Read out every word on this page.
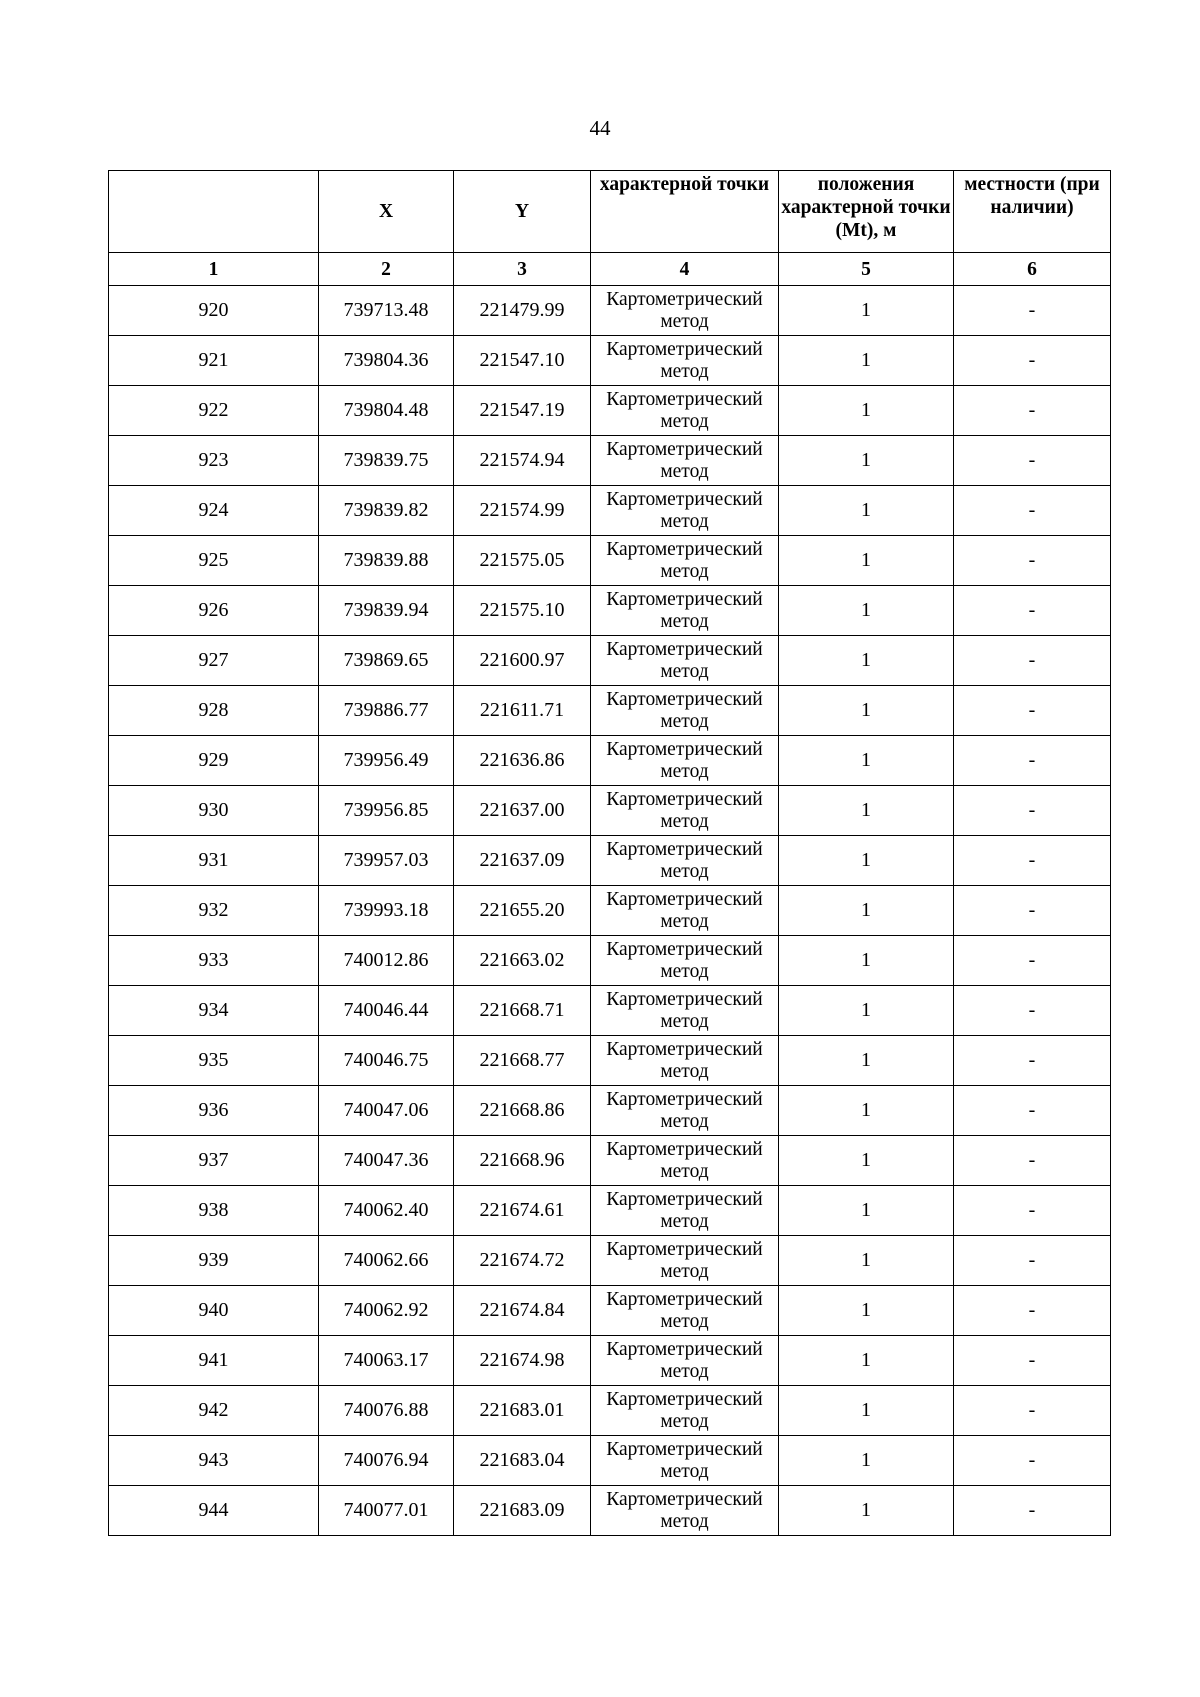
44
	X	Y	характерной точки	положения характерной точки (Mt), м	местности (при наличии)
1	2	3	4	5	6
920	739713.48	221479.99	Картометрический метод	1	-
921	739804.36	221547.10	Картометрический метод	1	-
922	739804.48	221547.19	Картометрический метод	1	-
923	739839.75	221574.94	Картометрический метод	1	-
924	739839.82	221574.99	Картометрический метод	1	-
925	739839.88	221575.05	Картометрический метод	1	-
926	739839.94	221575.10	Картометрический метод	1	-
927	739869.65	221600.97	Картометрический метод	1	-
928	739886.77	221611.71	Картометрический метод	1	-
929	739956.49	221636.86	Картометрический метод	1	-
930	739956.85	221637.00	Картометрический метод	1	-
931	739957.03	221637.09	Картометрический метод	1	-
932	739993.18	221655.20	Картометрический метод	1	-
933	740012.86	221663.02	Картометрический метод	1	-
934	740046.44	221668.71	Картометрический метод	1	-
935	740046.75	221668.77	Картометрический метод	1	-
936	740047.06	221668.86	Картометрический метод	1	-
937	740047.36	221668.96	Картометрический метод	1	-
938	740062.40	221674.61	Картометрический метод	1	-
939	740062.66	221674.72	Картометрический метод	1	-
940	740062.92	221674.84	Картометрический метод	1	-
941	740063.17	221674.98	Картометрический метод	1	-
942	740076.88	221683.01	Картометрический метод	1	-
943	740076.94	221683.04	Картометрический метод	1	-
944	740077.01	221683.09	Картометрический метод	1	-
